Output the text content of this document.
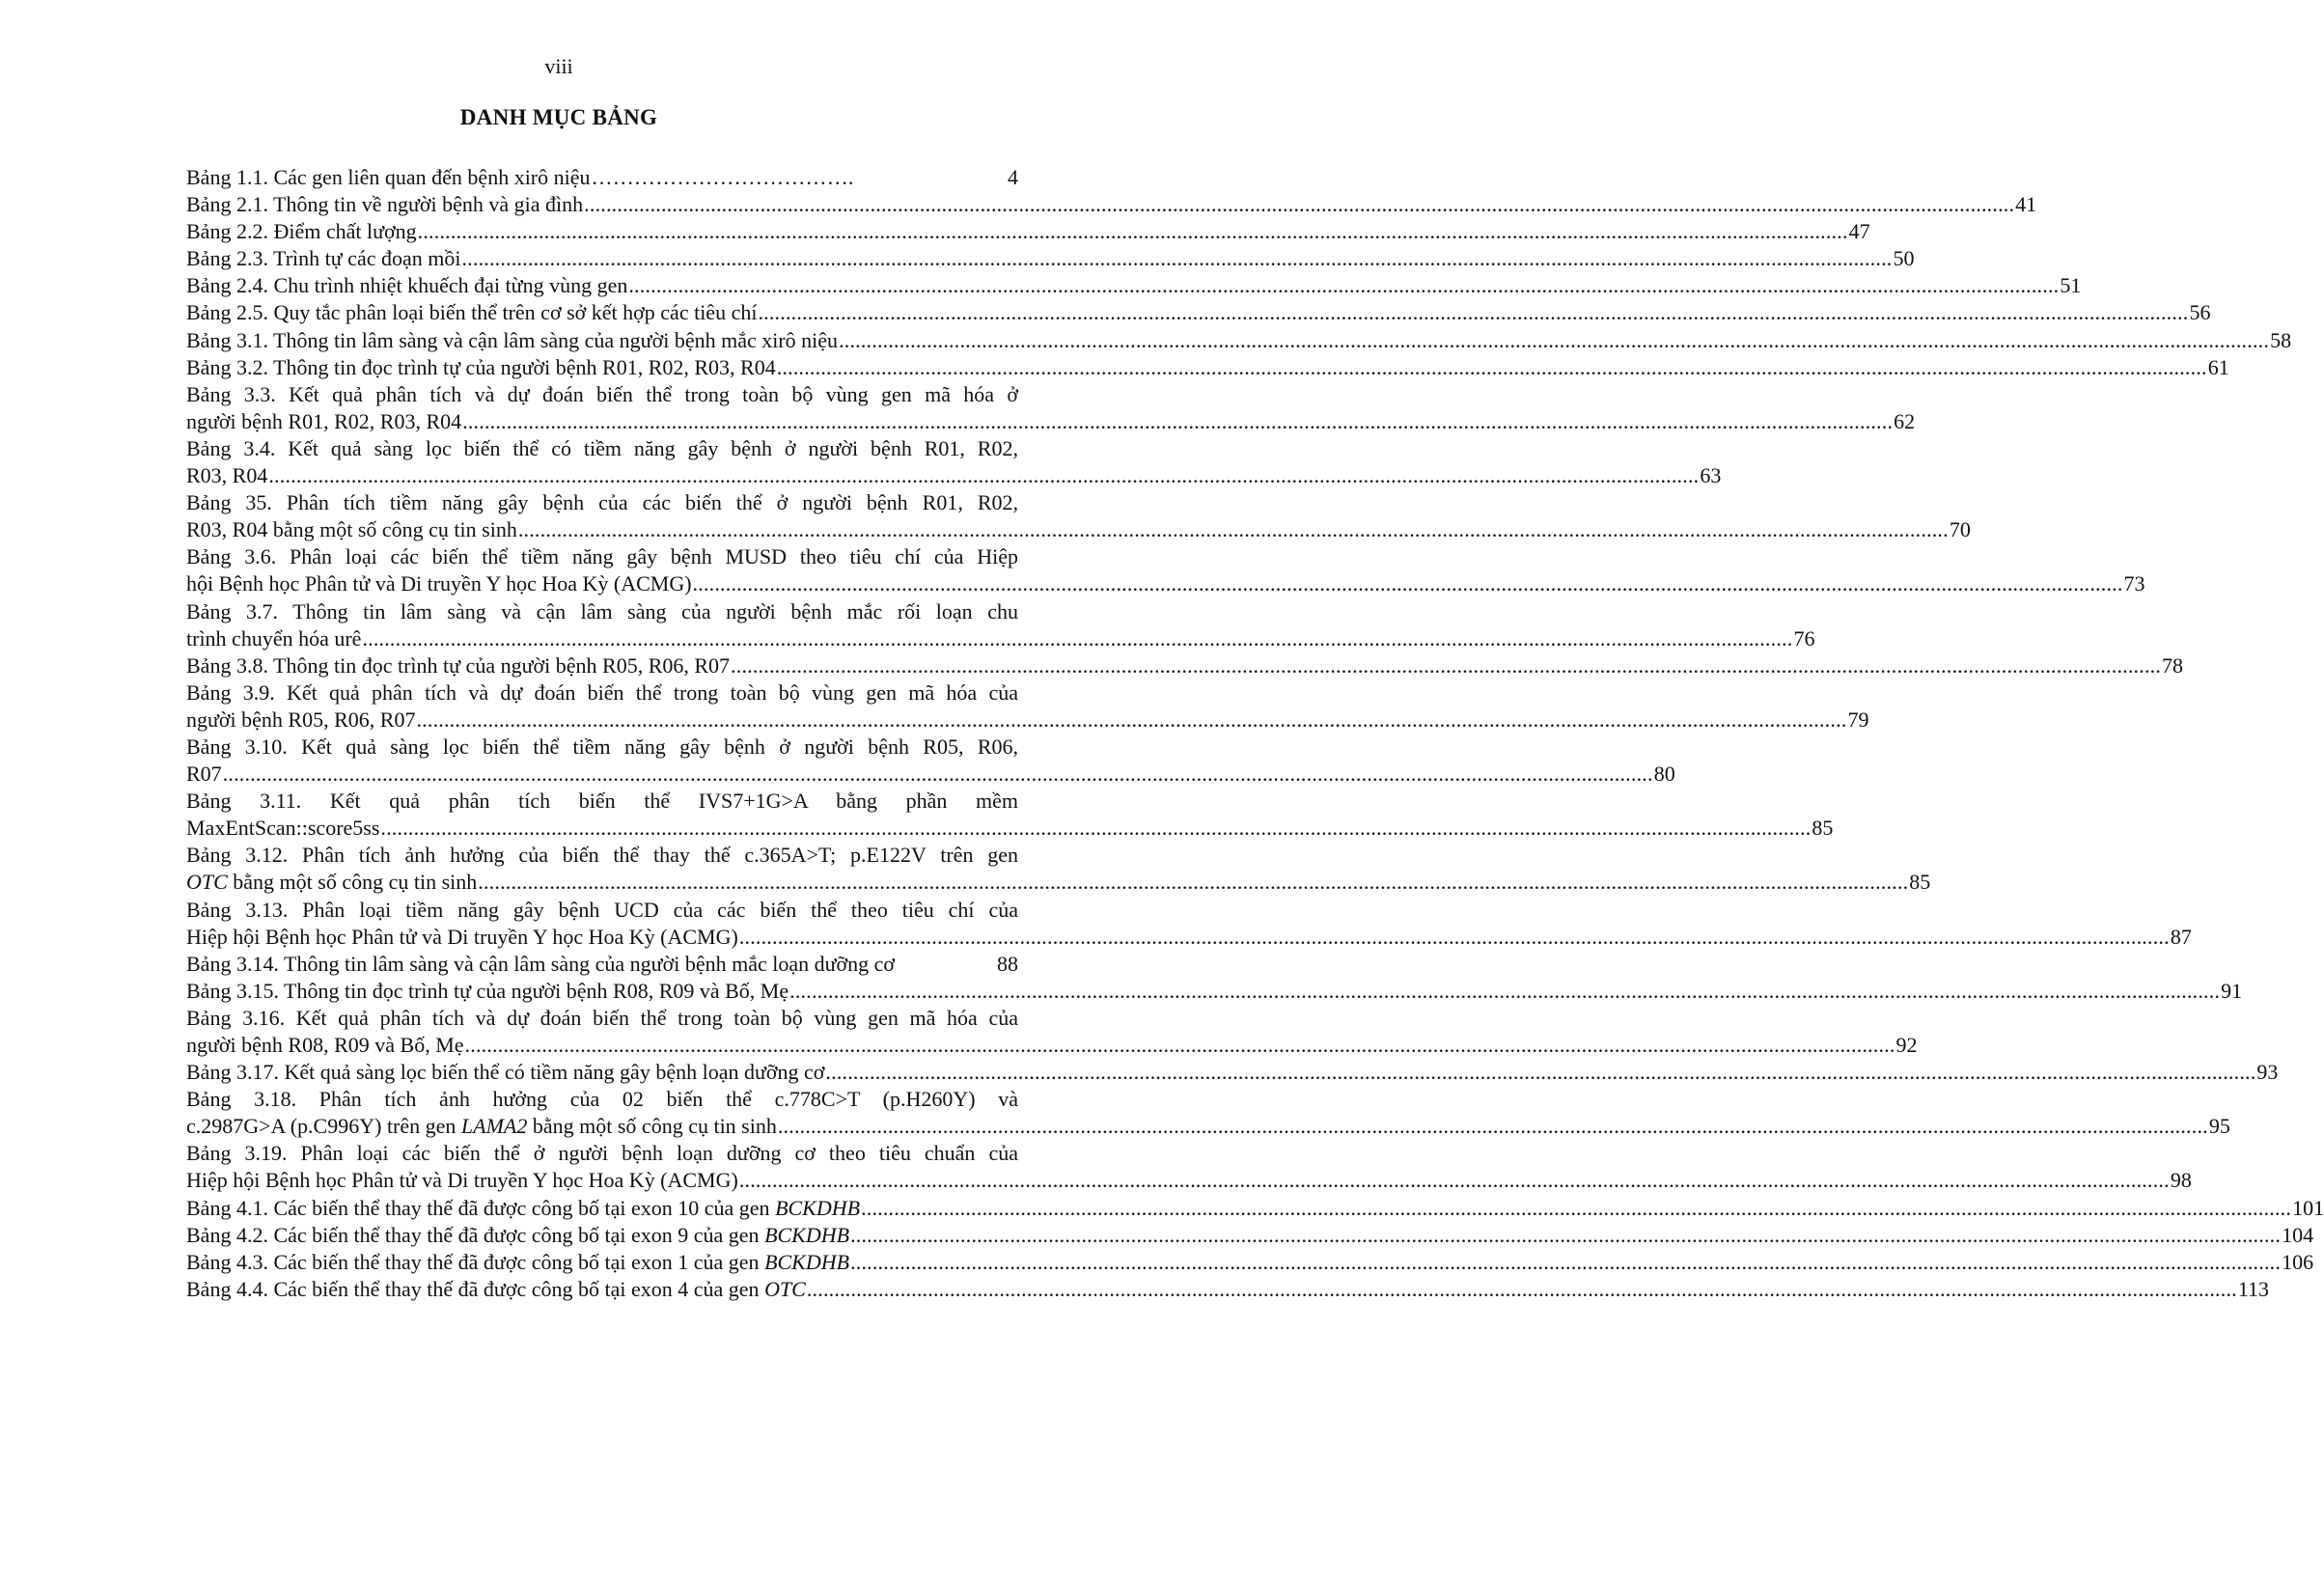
viii
DANH MỤC BẢNG
Bảng 1.1. Các gen liên quan đến bệnh xirô niệu ……………………………….	4
Bảng 2.1. Thông tin về người bệnh và gia đình .................................................................................................................................................................................................................................................................... 41
Bảng 2.2. Điểm chất lượng .................................................................................................................................................................................................................................................................... 47
Bảng 2.3. Trình tự các đoạn mồi .................................................................................................................................................................................................................................................................... 50
Bảng 2.4. Chu trình nhiệt khuếch đại từng vùng gen .................................................................................................................................................................................................................................................................... 51
Bảng 2.5. Quy tắc phân loại biến thể trên cơ sở kết hợp các tiêu chí .................................................................................................................................................................................................................................................................... 56
Bảng 3.1. Thông tin lâm sàng và cận lâm sàng của người bệnh mắc xirô niệu .................................................................................................................................................................................................................................................................... 58
Bảng 3.2. Thông tin đọc trình tự của người bệnh R01, R02, R03, R04 .................................................................................................................................................................................................................................................................... 61
Bảng 3.3. Kết quả phân tích và dự đoán biến thể trong toàn bộ vùng gen mã hóa ở
người bệnh R01, R02, R03, R04 .................................................................................................................................................................................................................................................................... 62
Bảng 3.4. Kết quả sàng lọc biến thể có tiềm năng gây bệnh ở người bệnh R01, R02,
R03, R04 .................................................................................................................................................................................................................................................................... 63
Bảng 35. Phân tích tiềm năng gây bệnh của các biến thể ở người bệnh R01, R02,
R03, R04 bằng một số công cụ tin sinh .................................................................................................................................................................................................................................................................... 70
Bảng 3.6. Phân loại các biến thể tiềm năng gây bệnh MUSD theo tiêu chí của Hiệp
hội Bệnh học Phân tử và Di truyền Y học Hoa Kỳ (ACMG) .................................................................................................................................................................................................................................................................... 73
Bảng 3.7. Thông tin lâm sàng và cận lâm sàng của người bệnh mắc rối loạn chu
trình chuyển hóa urê .................................................................................................................................................................................................................................................................... 76
Bảng 3.8. Thông tin đọc trình tự của người bệnh R05, R06, R07 .................................................................................................................................................................................................................................................................... 78
Bảng 3.9. Kết quả phân tích và dự đoán biến thể trong toàn bộ vùng gen mã hóa của
người bệnh R05, R06, R07 .................................................................................................................................................................................................................................................................... 79
Bảng 3.10. Kết quả sàng lọc biến thể tiềm năng gây bệnh ở người bệnh R05, R06,
R07 .................................................................................................................................................................................................................................................................... 80
Bảng 3.11. Kết quả phân tích biến thể IVS7+1G>A bằng phần mềm
MaxEntScan::score5ss .................................................................................................................................................................................................................................................................... 85
Bảng 3.12. Phân tích ảnh hưởng của biến thể thay thế c.365A>T; p.E122V trên gen
OTC bằng một số công cụ tin sinh .................................................................................................................................................................................................................................................................... 85
Bảng 3.13. Phân loại tiềm năng gây bệnh UCD của các biến thể theo tiêu chí của
Hiệp hội Bệnh học Phân tử và Di truyền Y học Hoa Kỳ (ACMG) .................................................................................................................................................................................................................................................................... 87
Bảng 3.14. Thông tin lâm sàng và cận lâm sàng của người bệnh mắc loạn dưỡng cơ	88
Bảng 3.15. Thông tin đọc trình tự của người bệnh R08, R09 và Bố, Mẹ .................................................................................................................................................................................................................................................................... 91
Bảng 3.16. Kết quả phân tích và dự đoán biến thể trong toàn bộ vùng gen mã hóa của
người bệnh R08, R09 và Bố, Mẹ .................................................................................................................................................................................................................................................................... 92
Bảng 3.17. Kết quả sàng lọc biến thể có tiềm năng gây bệnh loạn dưỡng cơ .................................................................................................................................................................................................................................................................... 93
Bảng 3.18. Phân tích ảnh hưởng của 02 biến thể c.778C>T (p.H260Y) và
c.2987G>A (p.C996Y) trên gen LAMA2 bằng một số công cụ tin sinh .................................................................................................................................................................................................................................................................... 95
Bảng 3.19. Phân loại các biến thể ở người bệnh loạn dưỡng cơ theo tiêu chuẩn của
Hiệp hội Bệnh học Phân tử và Di truyền Y học Hoa Kỳ (ACMG) .................................................................................................................................................................................................................................................................... 98
Bảng 4.1. Các biến thể thay thế đã được công bố tại exon 10 của gen BCKDHB .................................................................................................................................................................................................................................................................... 101
Bảng 4.2. Các biến thể thay thế đã được công bố tại exon 9 của gen BCKDHB .................................................................................................................................................................................................................................................................... 104
Bảng 4.3. Các biến thể thay thế đã được công bố tại exon 1 của gen BCKDHB .................................................................................................................................................................................................................................................................... 106
Bảng 4.4. Các biến thể thay thế đã được công bố tại exon 4 của gen OTC .................................................................................................................................................................................................................................................................... 113
